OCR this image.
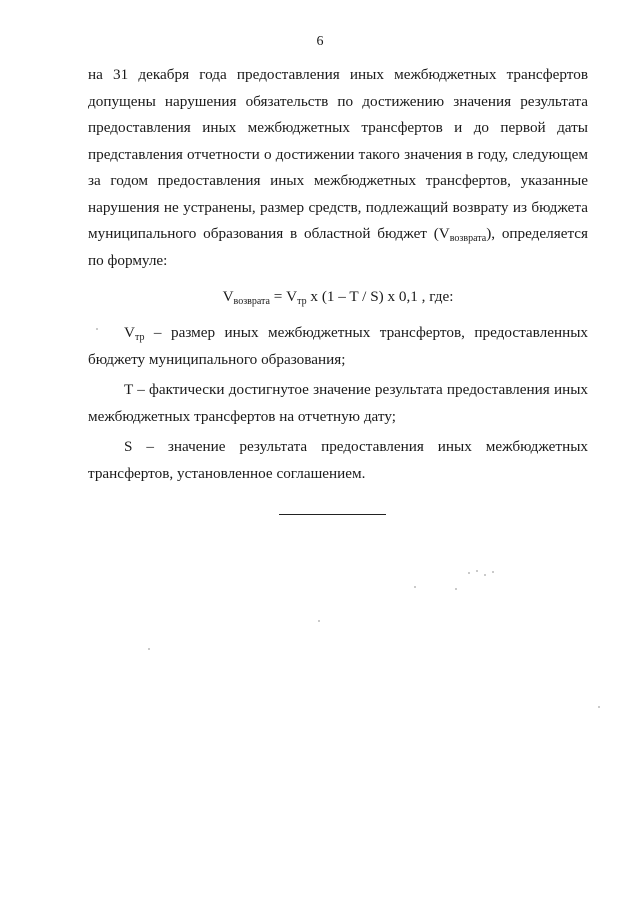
6

на 31 декабря года предоставления иных межбюджетных трансфертов допущены нарушения обязательств по достижению значения результата предоставления иных межбюджетных трансфертов и до первой даты представления отчетности о достижении такого значения в году, следующем за годом предоставления иных межбюджетных трансфертов, указанные нарушения не устранены, размер средств, подлежащий возврату из бюджета муниципального образования в областной бюджет $(V_{возврата})$, определяется по формуле:

$V_{возврата} = V_{тр}$ x (1 – T / S) x 0,1 , где:

$V_{тр}$ – размер иных межбюджетных трансфертов, предоставленных бюджету муниципального образования;

T – фактически достигнутое значение результата предоставления иных межбюджетных трансфертов на отчетную дату;

S – значение результата предоставления иных межбюджетных трансфертов, установленное соглашением.
